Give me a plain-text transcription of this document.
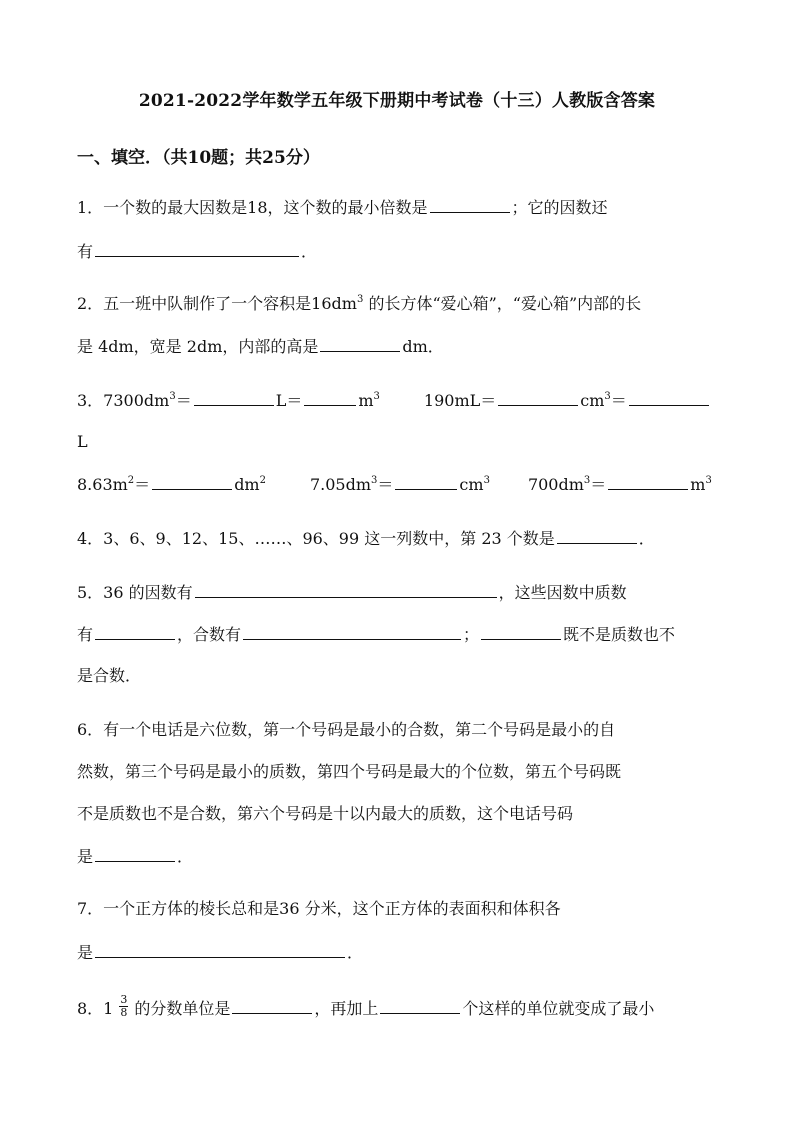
2021-2022学年数学五年级下册期中考试卷（十三）人教版含答案
一、填空．（共10题；共25分）
1．一个数的最大因数是18，这个数的最小倍数是	；它的因数还
有	．
2．五一班中队制作了一个容积是$16dm^3$ 的长方体“爱心箱”，“爱心箱”内部的长
是 4dm，宽是 2dm，内部的高是	dm．
3．$7300dm^3=$	L＝	$m^3$	190mL＝	$cm^3=$
L
$8.63m^2=$	$dm^2$	$7.05dm^3=$	$cm^3$ $700dm^3=$	$m^3$
4．3、6、9、12、15、……、96、99 这一列数中，第 23 个数是	．
5．36 的因数有	，这些因数中质数
有	，合数有	；	既不是质数也不
是合数．
6．有一个电话是六位数，第一个号码是最小的合数，第二个号码是最小的自
然数，第三个号码是最小的质数，第四个号码是最大的个位数，第五个号码既
不是质数也不是合数，第六个号码是十以内最大的质数，这个电话号码
是	．
7．一个正方体的棱长总和是36 分米，这个正方体的表面积和体积各
是	．
8．$1 \frac{3}{8}$ 的分数单位是	，再加上	个这样的单位就变成了最小
